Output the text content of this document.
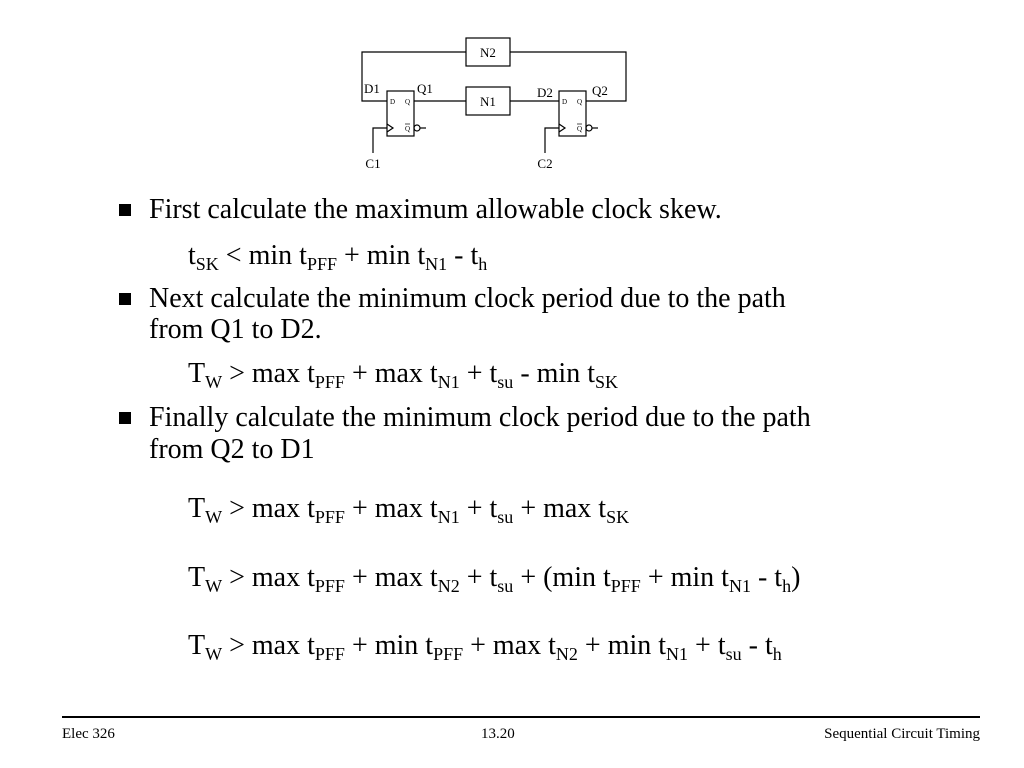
N2
N1
D1	Q1	D2	Q2
C1	C2
D Q
Q
D Q
Q
First calculate the maximum allowable clock skew.
$t_{SK} < \min t_{PFF} + \min t_{N1} - t_h$
Next calculate the minimum clock period due to the path
from Q1 to D2.
$T_W > \max t_{PFF} + \max t_{N1} + t_{su} - \min t_{SK}$
Finally calculate the minimum clock period due to the path
from Q2 to D1
$T_W > \max t_{PFF} + \max t_{N1} + t_{su} + \max t_{SK}$
$T_W > \max t_{PFF} + \max t_{N2} + t_{su} + (\min$ $t_{PFF} + \min t_{N1} - t_h$)
$T_W > \max t_{PFF} + \min t_{PFF} + \max t_{N2} + \min t_{N1} + t_{su} - t_h$
Elec 326	13.20	Sequential Circuit Timing
